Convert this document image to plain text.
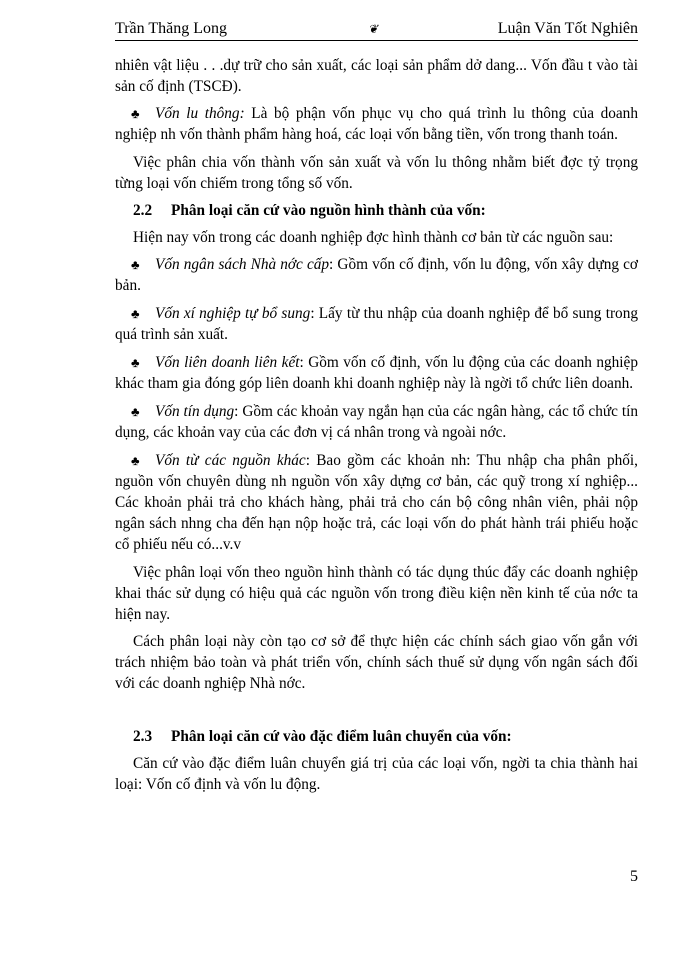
Trần Thăng Long	❦	Luận Văn Tốt Nghiên

nhiên vật liệu . . .dự trữ cho sản xuất, các loại sản phẩm dở dang... Vốn đầu t vào tài sản cố định (TSCĐ).

♣ Vốn lu thông: Là bộ phận vốn phục vụ cho quá trình lu thông của doanh nghiệp nh vốn thành phẩm hàng hoá, các loại vốn bằng tiền, vốn trong thanh toán.

Việc phân chia vốn thành vốn sản xuất và vốn lu thông nhằm biết đợc tỷ trọng từng loại vốn chiếm trong tổng số vốn.

2.2 Phân loại căn cứ vào nguồn hình thành của vốn:

Hiện nay vốn trong các doanh nghiệp đợc hình thành cơ bản từ các nguồn sau:

♣ Vốn ngân sách Nhà nớc cấp: Gồm vốn cố định, vốn lu động, vốn xây dựng cơ bản.

♣ Vốn xí nghiệp tự bổ sung: Lấy từ thu nhập của doanh nghiệp để bổ sung trong quá trình sản xuất.

♣ Vốn liên doanh liên kết: Gồm vốn cố định, vốn lu động của các doanh nghiệp khác tham gia đóng góp liên doanh khi doanh nghiệp này là ngời tổ chức liên doanh.

♣ Vốn tín dụng: Gồm các khoản vay ngắn hạn của các ngân hàng, các tổ chức tín dụng, các khoản vay của các đơn vị cá nhân trong và ngoài nớc.

♣ Vốn từ các nguồn khác: Bao gồm các khoản nh: Thu nhập cha phân phối, nguồn vốn chuyên dùng nh nguồn vốn xây dựng cơ bản, các quỹ trong xí nghiệp... Các khoản phải trả cho khách hàng, phải trả cho cán bộ công nhân viên, phải nộp ngân sách nhng cha đến hạn nộp hoặc trả, các loại vốn do phát hành trái phiếu hoặc cổ phiếu nếu có...v.v

Việc phân loại vốn theo nguồn hình thành có tác dụng thúc đẩy các doanh nghiệp khai thác sử dụng có hiệu quả các nguồn vốn trong điều kiện nền kinh tế của nớc ta hiện nay.

Cách phân loại này còn tạo cơ sở để thực hiện các chính sách giao vốn gắn với trách nhiệm bảo toàn và phát triển vốn, chính sách thuế sử dụng vốn ngân sách đối với các doanh nghiệp Nhà nớc.

2.3 Phân loại căn cứ vào đặc điểm luân chuyển của vốn:

Căn cứ vào đặc điểm luân chuyển giá trị của các loại vốn, ngời ta chia thành hai loại: Vốn cố định và vốn lu động.

5
